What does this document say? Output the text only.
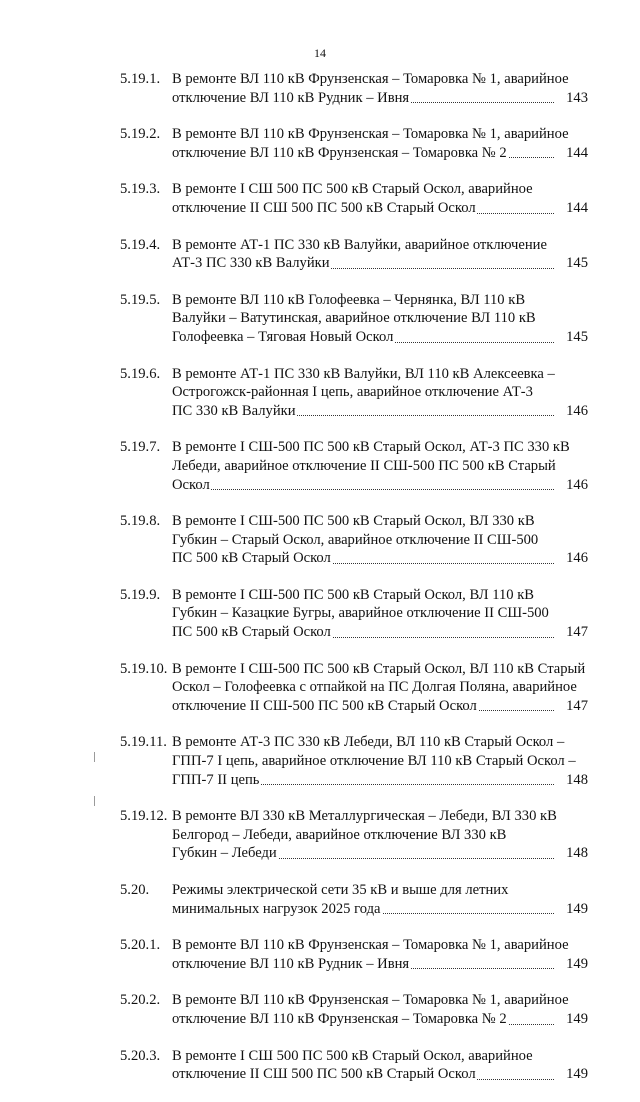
14
5.19.1. В ремонте ВЛ 110 кВ Фрунзенская – Томаровка № 1, аварийное
отключение ВЛ 110 кВ Рудник – Ивня	143
5.19.2. В ремонте ВЛ 110 кВ Фрунзенская – Томаровка № 1, аварийное
отключение ВЛ 110 кВ Фрунзенская – Томаровка № 2	144
5.19.3. В ремонте I СШ 500 ПС 500 кВ Старый Оскол, аварийное
отключение II СШ 500 ПС 500 кВ Старый Оскол	144
5.19.4. В ремонте АТ-1 ПС 330 кВ Валуйки, аварийное отключение
АТ-3 ПС 330 кВ Валуйки	145
5.19.5. В ремонте ВЛ 110 кВ Голофеевка – Чернянка, ВЛ 110 кВ
Валуйки – Ватутинская, аварийное отключение ВЛ 110 кВ
Голофеевка – Тяговая Новый Оскол	145
5.19.6. В ремонте АТ-1 ПС 330 кВ Валуйки, ВЛ 110 кВ Алексеевка –
Острогожск-районная I цепь, аварийное отключение АТ-3
ПС 330 кВ Валуйки	146
5.19.7. В ремонте I СШ-500 ПС 500 кВ Старый Оскол, АТ-3 ПС 330 кВ
Лебеди, аварийное отключение II СШ-500 ПС 500 кВ Старый
Оскол	146
5.19.8. В ремонте I СШ-500 ПС 500 кВ Старый Оскол, ВЛ 330 кВ
Губкин – Старый Оскол, аварийное отключение II СШ-500
ПС 500 кВ Старый Оскол	146
5.19.9. В ремонте I СШ-500 ПС 500 кВ Старый Оскол, ВЛ 110 кВ
Губкин – Казацкие Бугры, аварийное отключение II СШ-500
ПС 500 кВ Старый Оскол	147
5.19.10. В ремонте I СШ-500 ПС 500 кВ Старый Оскол, ВЛ 110 кВ Старый
Оскол – Голофеевка с отпайкой на ПС Долгая Поляна, аварийное
отключение II СШ-500 ПС 500 кВ Старый Оскол	147
5.19.11. В ремонте АТ-3 ПС 330 кВ Лебеди, ВЛ 110 кВ Старый Оскол –
ГПП-7 I цепь, аварийное отключение ВЛ 110 кВ Старый Оскол –
ГПП-7 II цепь	148
5.19.12. В ремонте ВЛ 330 кВ Металлургическая – Лебеди, ВЛ 330 кВ
Белгород – Лебеди, аварийное отключение ВЛ 330 кВ
Губкин – Лебеди	148
5.20. Режимы электрической сети 35 кВ и выше для летних
минимальных нагрузок 2025 года	149
5.20.1. В ремонте ВЛ 110 кВ Фрунзенская – Томаровка № 1, аварийное
отключение ВЛ 110 кВ Рудник – Ивня	149
5.20.2. В ремонте ВЛ 110 кВ Фрунзенская – Томаровка № 1, аварийное
отключение ВЛ 110 кВ Фрунзенская – Томаровка № 2	149
5.20.3. В ремонте I СШ 500 ПС 500 кВ Старый Оскол, аварийное
отключение II СШ 500 ПС 500 кВ Старый Оскол	149
